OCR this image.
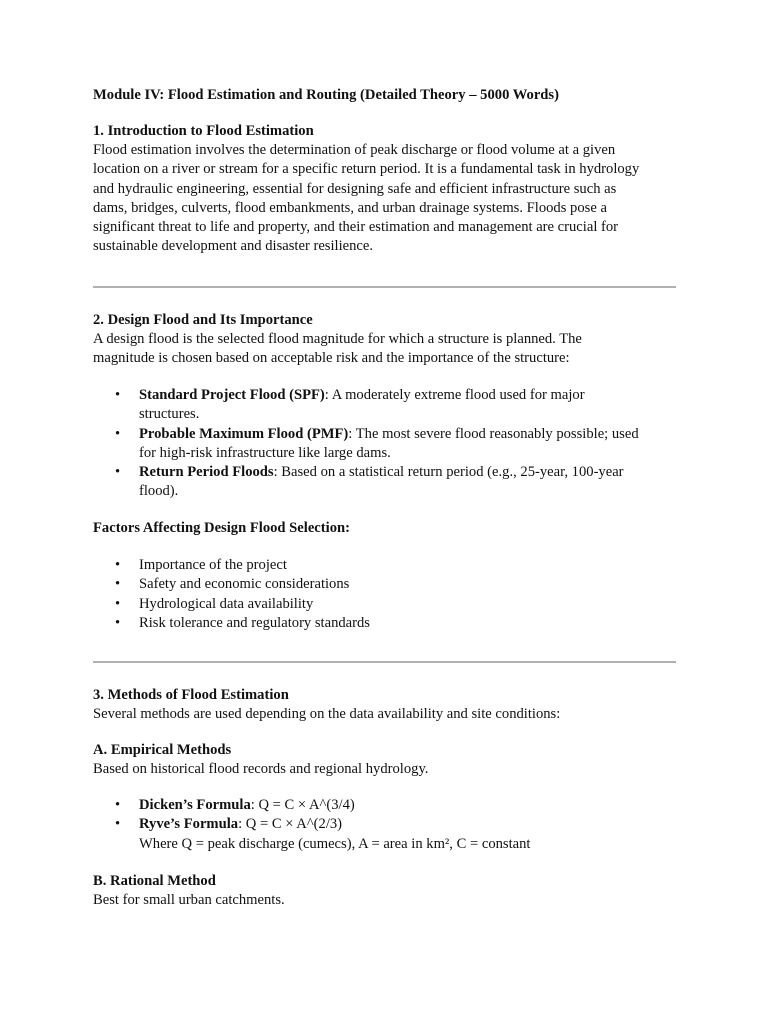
Module IV: Flood Estimation and Routing (Detailed Theory – 5000 Words)
1. Introduction to Flood Estimation
Flood estimation involves the determination of peak discharge or flood volume at a given
location on a river or stream for a specific return period. It is a fundamental task in hydrology
and hydraulic engineering, essential for designing safe and efficient infrastructure such as
dams, bridges, culverts, flood embankments, and urban drainage systems. Floods pose a
significant threat to life and property, and their estimation and management are crucial for
sustainable development and disaster resilience.
2. Design Flood and Its Importance
A design flood is the selected flood magnitude for which a structure is planned. The
magnitude is chosen based on acceptable risk and the importance of the structure:
• Standard Project Flood (SPF): A moderately extreme flood used for major
structures.
• Probable Maximum Flood (PMF): The most severe flood reasonably possible; used
for high-risk infrastructure like large dams.
• Return Period Floods: Based on a statistical return period (e.g., 25-year, 100-year
flood).
Factors Affecting Design Flood Selection:
• Importance of the project
• Safety and economic considerations
• Hydrological data availability
• Risk tolerance and regulatory standards
3. Methods of Flood Estimation
Several methods are used depending on the data availability and site conditions:
A. Empirical Methods
Based on historical flood records and regional hydrology.
• Dicken’s Formula: Q = C × A^(3/4)
• Ryve’s Formula: Q = C × A^(2/3)
Where Q = peak discharge (cumecs), A = area in km², C = constant
B. Rational Method
Best for small urban catchments.
